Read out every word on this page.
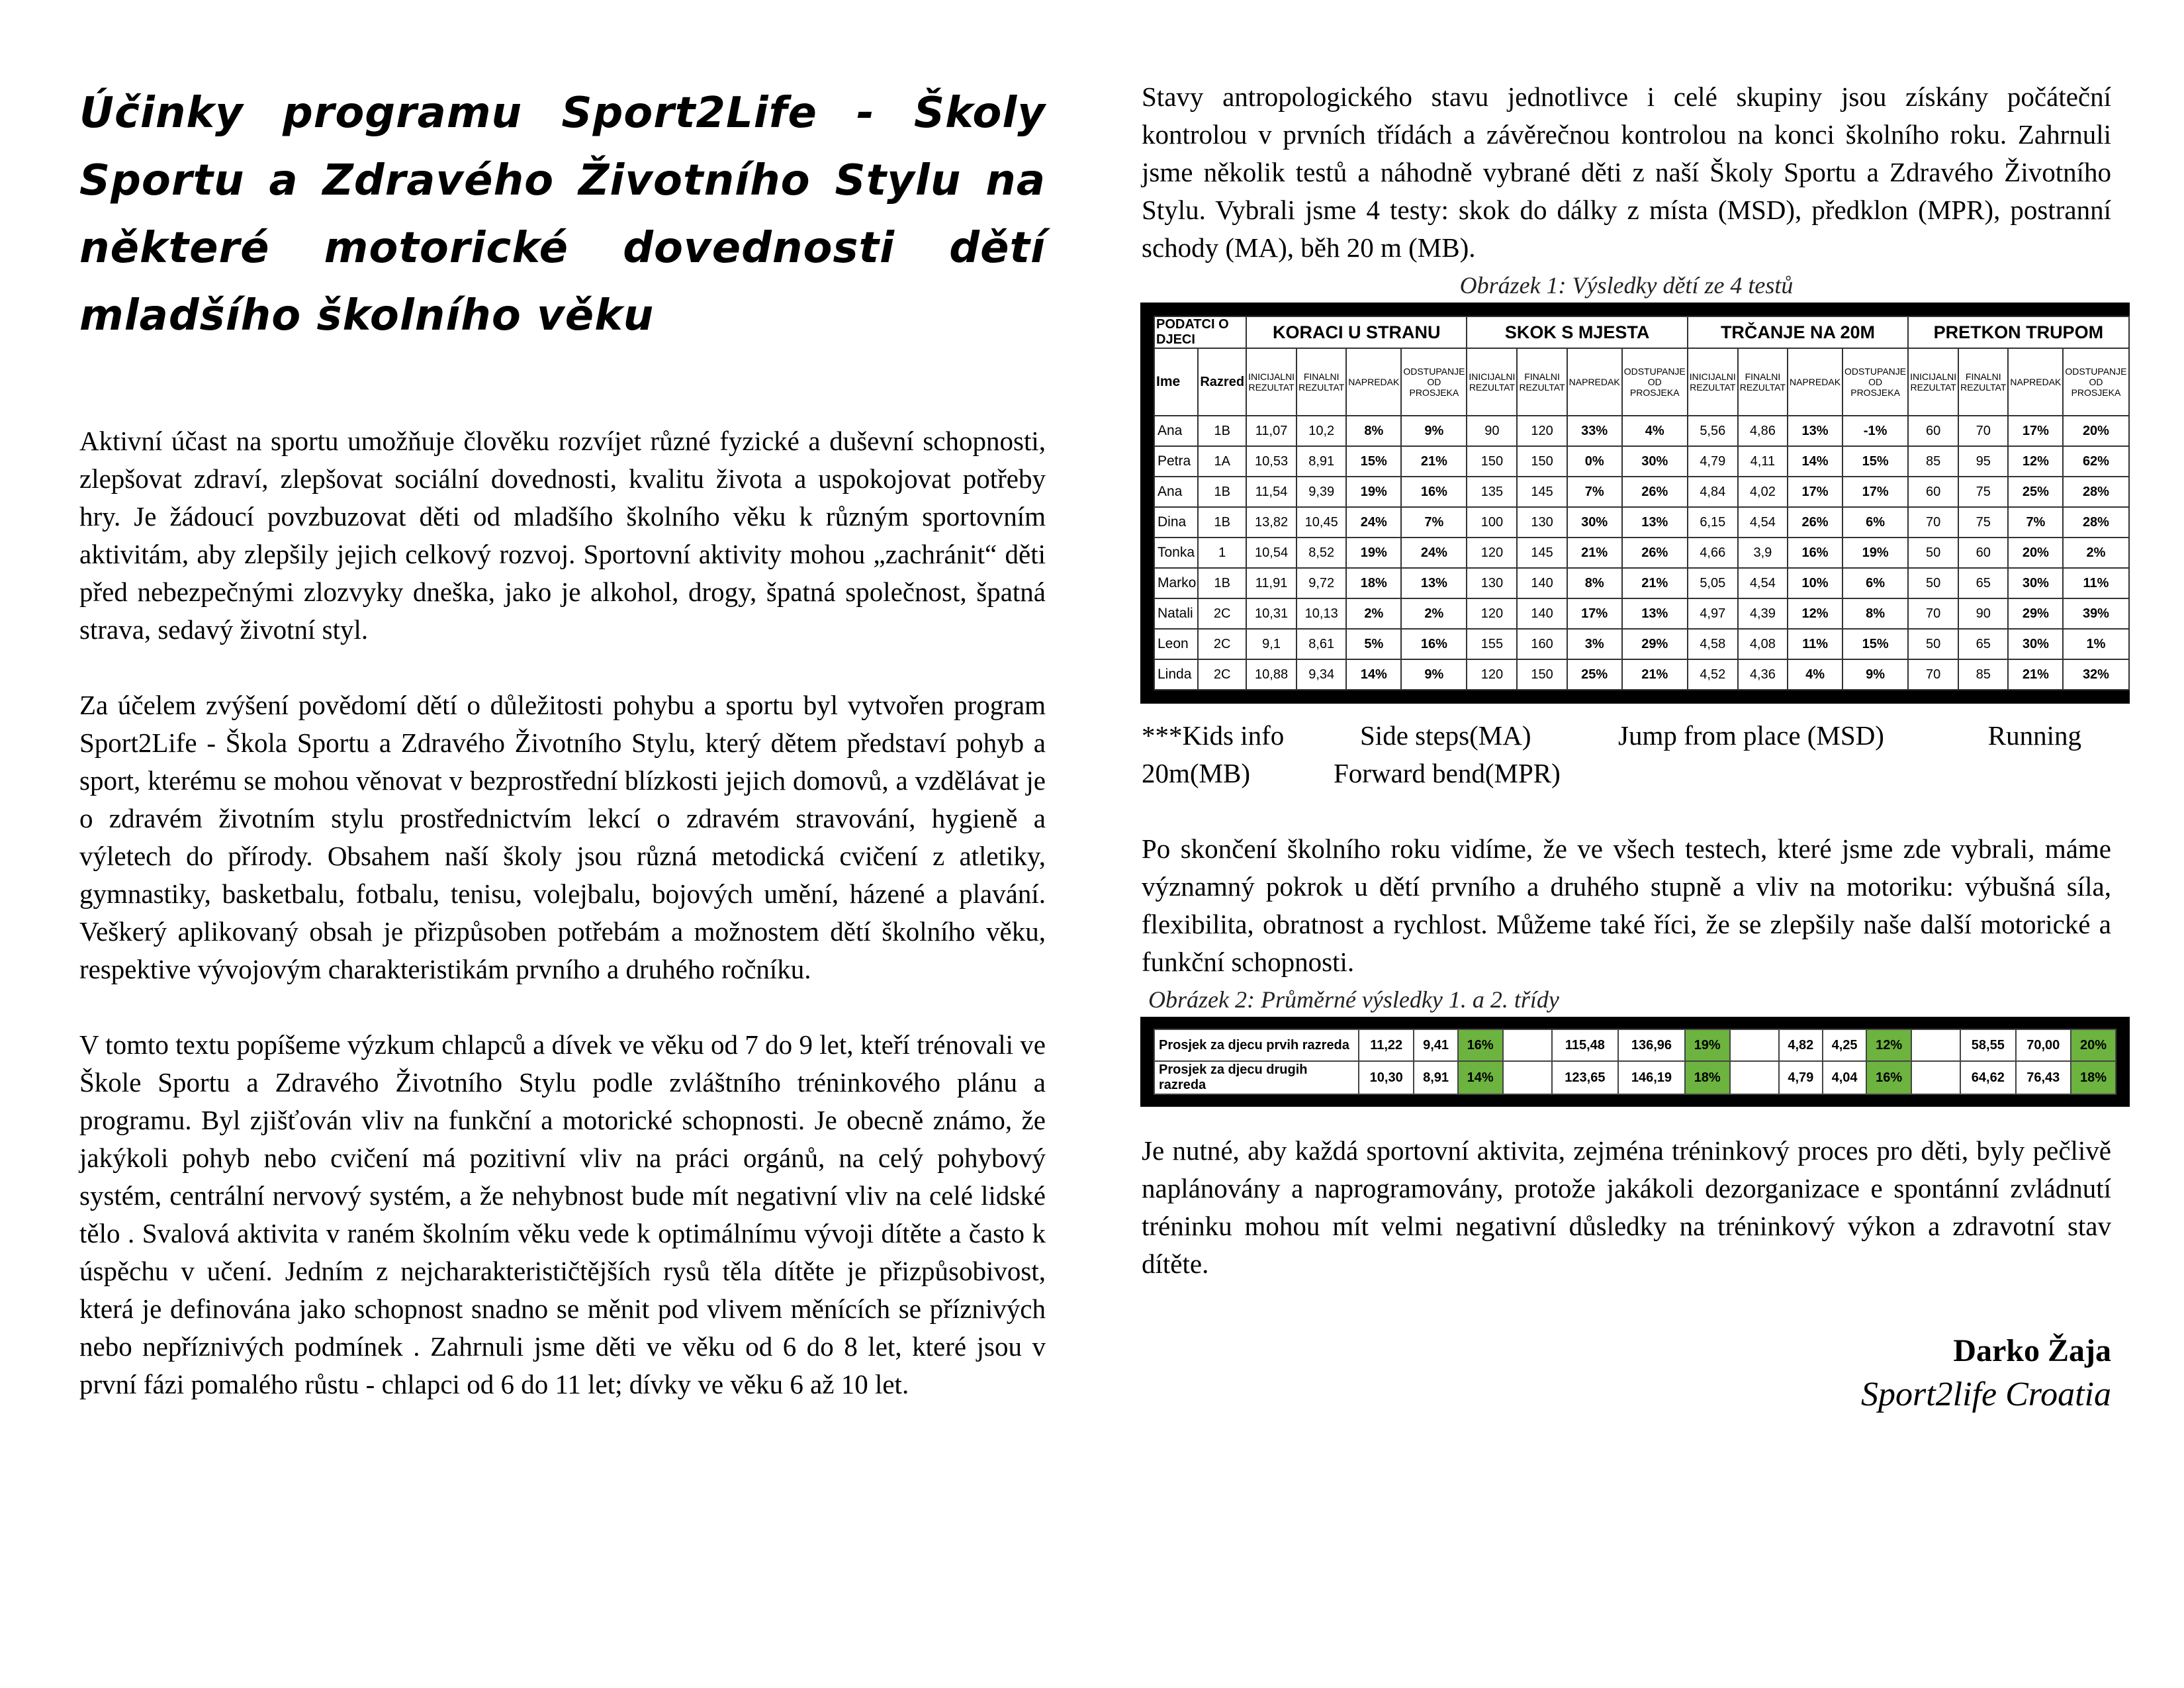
Účinky programu Sport2Life - Školy Sportu a Zdravého Životního Stylu na některé motorické dovednosti dětí mladšího školního věku

Aktivní účast na sportu umožňuje člověku rozvíjet různé fyzické a duševní schopnosti, zlepšovat zdraví, zlepšovat sociální dovednosti, kvalitu života a uspokojovat potřeby hry. Je žádoucí povzbuzovat děti od mladšího školního věku k různým sportovním aktivitám, aby zlepšily jejich celkový rozvoj. Sportovní aktivity mohou „zachránit“ děti před nebezpečnými zlozvyky dneška, jako je alkohol, drogy, špatná společnost, špatná strava, sedavý životní styl.

Za účelem zvýšení povědomí dětí o důležitosti pohybu a sportu byl vytvořen program Sport2Life - Škola Sportu a Zdravého Životního Stylu, který dětem představí pohyb a sport, kterému se mohou věnovat v bezprostřední blízkosti jejich domovů, a vzdělávat je o zdravém životním stylu prostřednictvím lekcí o zdravém stravování, hygieně a výletech do přírody. Obsahem naší školy jsou různá metodická cvičení z atletiky, gymnastiky, basketbalu, fotbalu, tenisu, volejbalu, bojových umění, házené a plavání. Veškerý aplikovaný obsah je přizpůsoben potřebám a možnostem dětí školního věku, respektive vývojovým charakteristikám prvního a druhého ročníku.

V tomto textu popíšeme výzkum chlapců a dívek ve věku od 7 do 9 let, kteří trénovali ve Škole Sportu a Zdravého Životního Stylu podle zvláštního tréninkového plánu a programu. Byl zjišťován vliv na funkční a motorické schopnosti. Je obecně známo, že jakýkoli pohyb nebo cvičení má pozitivní vliv na práci orgánů, na celý pohybový systém, centrální nervový systém, a že nehybnost bude mít negativní vliv na celé lidské tělo . Svalová aktivita v raném školním věku vede k optimálnímu vývoji dítěte a často k úspěchu v učení. Jedním z nejcharakterističtějších rysů těla dítěte je přizpůsobivost, která je definována jako schopnost snadno se měnit pod vlivem měnících se příznivých nebo nepříznivých podmínek . Zahrnuli jsme děti ve věku od 6 do 8 let, které jsou v první fázi pomalého růstu - chlapci od 6 do 11 let; dívky ve věku 6 až 10 let.

Stavy antropologického stavu jednotlivce i celé skupiny jsou získány počáteční kontrolou v prvních třídách a závěrečnou kontrolou na konci školního roku. Zahrnuli jsme několik testů a náhodně vybrané děti z naší Školy Sportu a Zdravého Životního Stylu. Vybrali jsme 4 testy: skok do dálky z místa (MSD), předklon (MPR), postranní schody (MA), běh 20 m (MB).

Obrázek 1: Výsledky dětí ze 4 testů
PODATCI O DJECI		KORACI U STRANU				SKOK S MJESTA				TRČANJE NA 20M				PRETKON TRUPOM			
Ime	Razred	INICIJALNI REZULTAT	FINALNI REZULTAT	NAPREDAK	ODSTUPANJE OD PROSJEKA	INICIJALNI REZULTAT	FINALNI REZULTAT	NAPREDAK	ODSTUPANJE OD PROSJEKA	INICIJALNI REZULTAT	FINALNI REZULTAT	NAPREDAK	ODSTUPANJE OD PROSJEKA	INICIJALNI REZULTAT	FINALNI REZULTAT	NAPREDAK	ODSTUPANJE OD PROSJEKA
Ana	1B	11,07	10,2	8%	9%	90	120	33%	4%	5,56	4,86	13%	-1%	60	70	17%	20%
Petra	1A	10,53	8,91	15%	21%	150	150	0%	30%	4,79	4,11	14%	15%	85	95	12%	62%
Ana	1B	11,54	9,39	19%	16%	135	145	7%	26%	4,84	4,02	17%	17%	60	75	25%	28%
Dina	1B	13,82	10,45	24%	7%	100	130	30%	13%	6,15	4,54	26%	6%	70	75	7%	28%
Tonka	1	10,54	8,52	19%	24%	120	145	21%	26%	4,66	3,9	16%	19%	50	60	20%	2%
Marko	1B	11,91	9,72	18%	13%	130	140	8%	21%	5,05	4,54	10%	6%	50	65	30%	11%
Natali	2C	10,31	10,13	2%	2%	120	140	17%	13%	4,97	4,39	12%	8%	70	90	29%	39%
Leon	2C	9,1	8,61	5%	16%	155	160	3%	29%	4,58	4,08	11%	15%	50	65	30%	1%
Linda	2C	10,88	9,34	14%	9%	120	150	25%	21%	4,52	4,36	4%	9%	70	85	21%	32%
***Kids info	Side steps(MA)	Jump from place (MSD)	Running
20m(MB)	Forward bend(MPR)

Po skončení školního roku vidíme, že ve všech testech, které jsme zde vybrali, máme významný pokrok u dětí prvního a druhého stupně a vliv na motoriku: výbušná síla, flexibilita, obratnost a rychlost. Můžeme také říci, že se zlepšily naše další motorické a funkční schopnosti.

Obrázek 2: Průměrné výsledky 1. a 2. třídy
Prosjek za djecu prvih razreda	11,22	9,41	16%		115,48	136,96	19%		4,82	4,25	12%		58,55	70,00	20%
Prosjek za djecu drugih razreda	10,30	8,91	14%		123,65	146,19	18%		4,79	4,04	16%		64,62	76,43	18%

Je nutné, aby každá sportovní aktivita, zejména tréninkový proces pro děti, byly pečlivě naplánovány a naprogramovány, protože jakákoli dezorganizace e spontánní zvládnutí tréninku mohou mít velmi negativní důsledky na tréninkový výkon a zdravotní stav dítěte.

Darko Žaja
Sport2life Croatia
